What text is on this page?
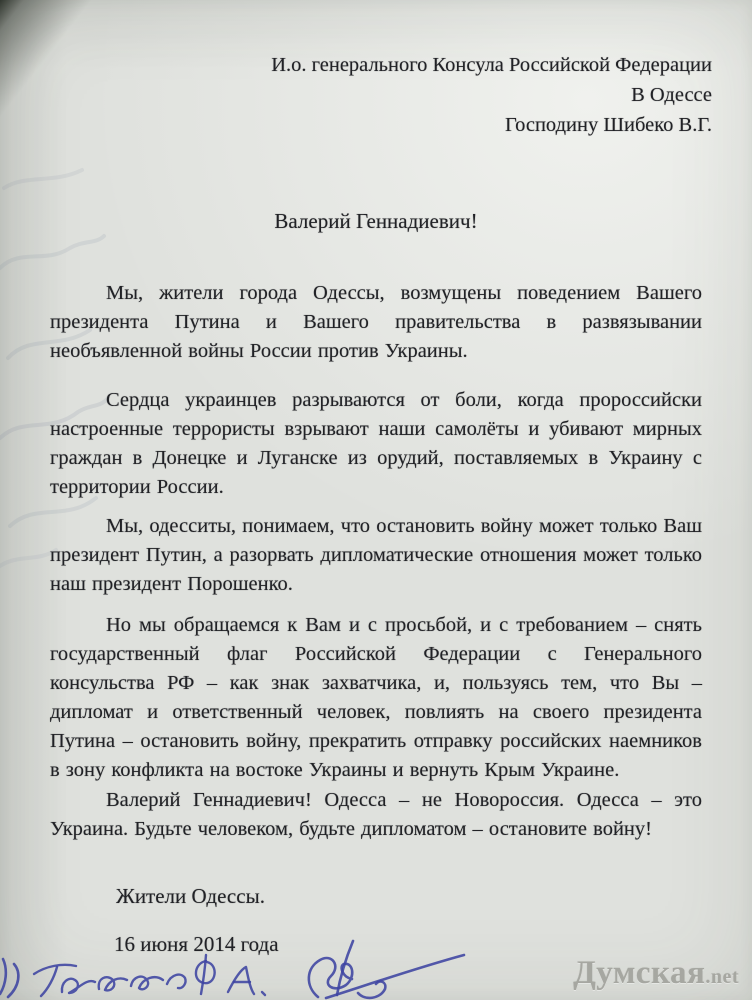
И.о. генерального Консула Российской Федерации
В Одессе
Господину Шибеко В.Г.
Валерий Геннадиевич!

Мы, жители города Одессы, возмущены поведением Вашего президента Путина и Вашего правительства в развязывании необъявленной войны России против Украины.

Сердца украинцев разрываются от боли, когда пророссийски настроенные террористы взрывают наши самолёты и убивают мирных граждан в Донецке и Луганске из орудий, поставляемых в Украину с территории России.

Мы, одесситы, понимаем, что остановить войну может только Ваш президент Путин, а разорвать дипломатические отношения может только наш президент Порошенко.

Но мы обращаемся к Вам и с просьбой, и с требованием – снять государственный флаг Российской Федерации с Генерального консульства РФ – как знак захватчика, и, пользуясь тем, что Вы – дипломат и ответственный человек, повлиять на своего президента Путина – остановить войну, прекратить отправку российских наемников в зону конфликта на востоке Украины и вернуть Крым Украине.

Валерий Геннадиевич! Одесса – не Новороссия. Одесса – это Украина. Будьте человеком, будьте дипломатом – остановите войну!

Жители Одессы.
16 июня 2014 года
Думская.net
